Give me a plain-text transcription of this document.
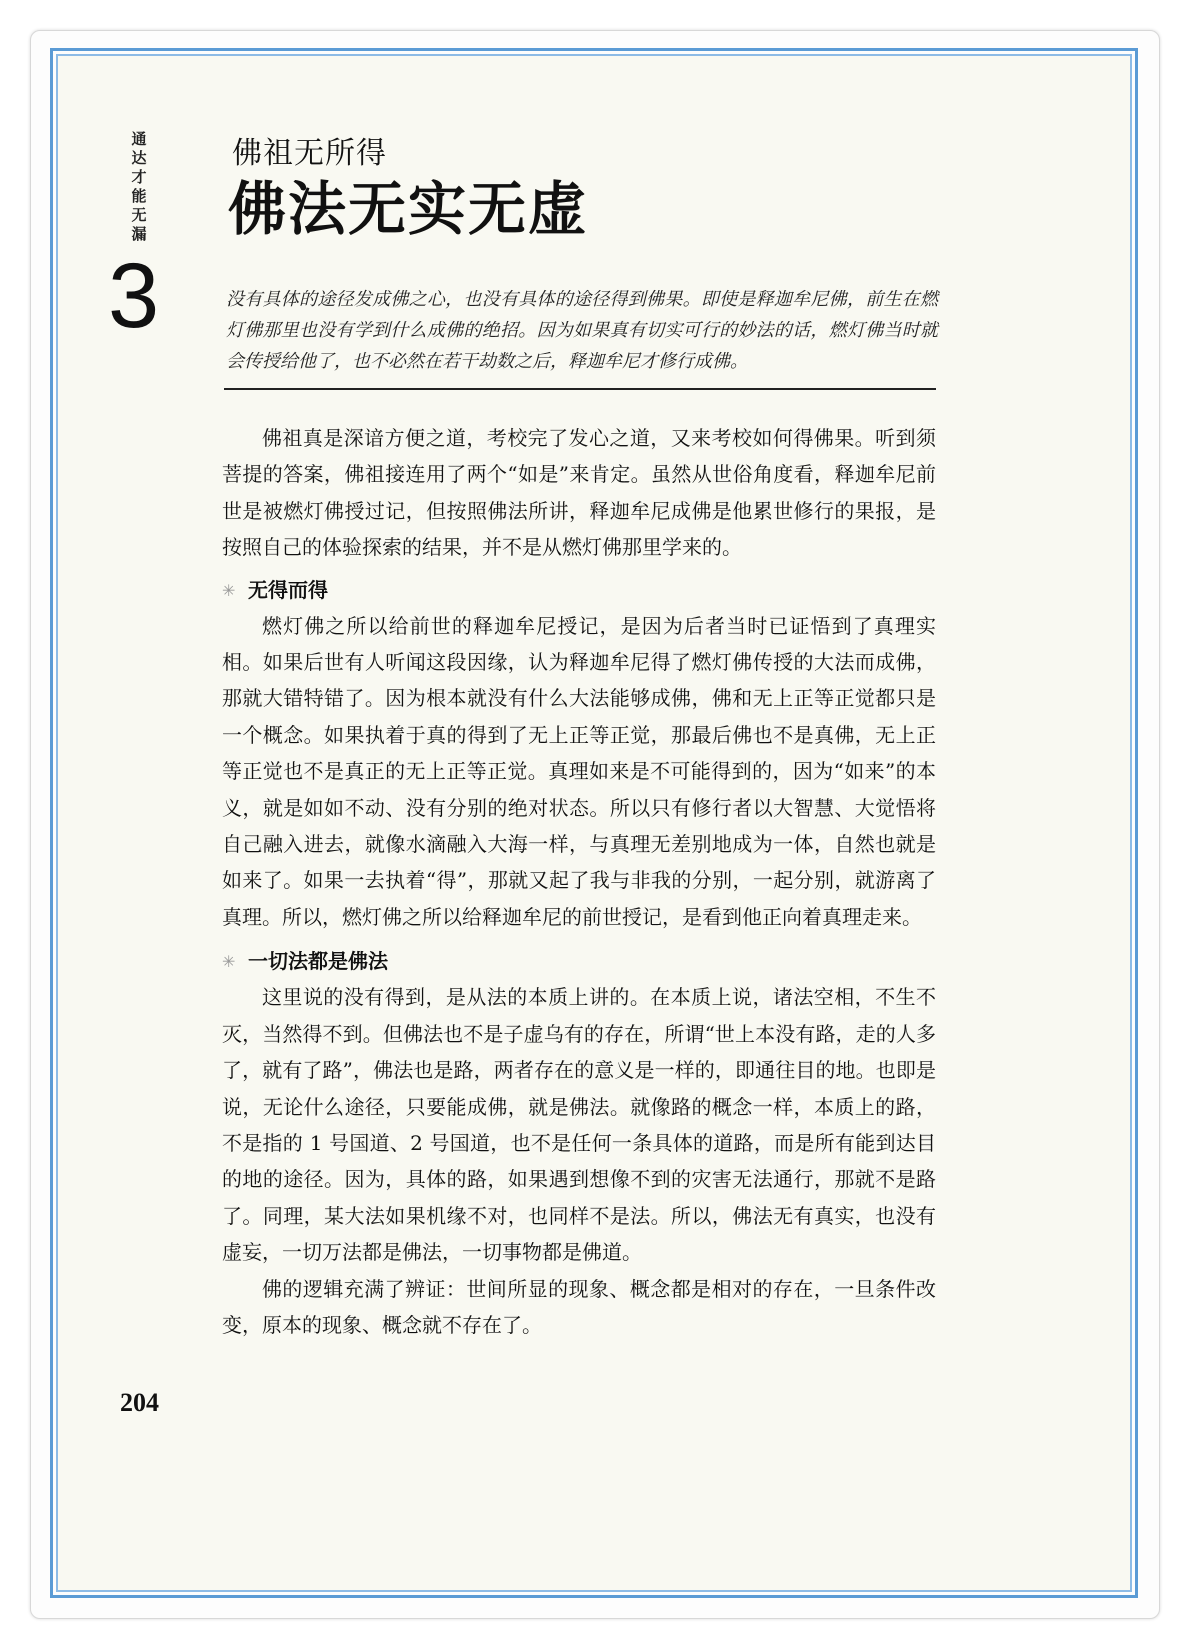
通达才能无漏
3
佛祖无所得
佛法无实无虚
没有具体的途径发成佛之心，也没有具体的途径得到佛果。即使是释迦牟尼佛，前生在燃灯佛那里也没有学到什么成佛的绝招。因为如果真有切实可行的妙法的话，燃灯佛当时就会传授给他了，也不必然在若干劫数之后，释迦牟尼才修行成佛。

佛祖真是深谙方便之道，考校完了发心之道，又来考校如何得佛果。听到须菩提的答案，佛祖接连用了两个“如是”来肯定。虽然从世俗角度看，释迦牟尼前世是被燃灯佛授过记，但按照佛法所讲，释迦牟尼成佛是他累世修行的果报，是按照自己的体验探索的结果，并不是从燃灯佛那里学来的。

✳ 无得而得

燃灯佛之所以给前世的释迦牟尼授记，是因为后者当时已证悟到了真理实相。如果后世有人听闻这段因缘，认为释迦牟尼得了燃灯佛传授的大法而成佛，那就大错特错了。因为根本就没有什么大法能够成佛，佛和无上正等正觉都只是一个概念。如果执着于真的得到了无上正等正觉，那最后佛也不是真佛，无上正等正觉也不是真正的无上正等正觉。真理如来是不可能得到的，因为“如来”的本义，就是如如不动、没有分别的绝对状态。所以只有修行者以大智慧、大觉悟将自己融入进去，就像水滴融入大海一样，与真理无差别地成为一体，自然也就是如来了。如果一去执着“得”，那就又起了我与非我的分别，一起分别，就游离了真理。所以，燃灯佛之所以给释迦牟尼的前世授记，是看到他正向着真理走来。

✳ 一切法都是佛法

这里说的没有得到，是从法的本质上讲的。在本质上说，诸法空相，不生不灭，当然得不到。但佛法也不是子虚乌有的存在，所谓“世上本没有路，走的人多了，就有了路”，佛法也是路，两者存在的意义是一样的，即通往目的地。也即是说，无论什么途径，只要能成佛，就是佛法。就像路的概念一样，本质上的路，不是指的 1 号国道、2 号国道，也不是任何一条具体的道路，而是所有能到达目的地的途径。因为，具体的路，如果遇到想像不到的灾害无法通行，那就不是路了。同理，某大法如果机缘不对，也同样不是法。所以，佛法无有真实，也没有虚妄，一切万法都是佛法，一切事物都是佛道。

佛的逻辑充满了辨证：世间所显的现象、概念都是相对的存在，一旦条件改变，原本的现象、概念就不存在了。

204
